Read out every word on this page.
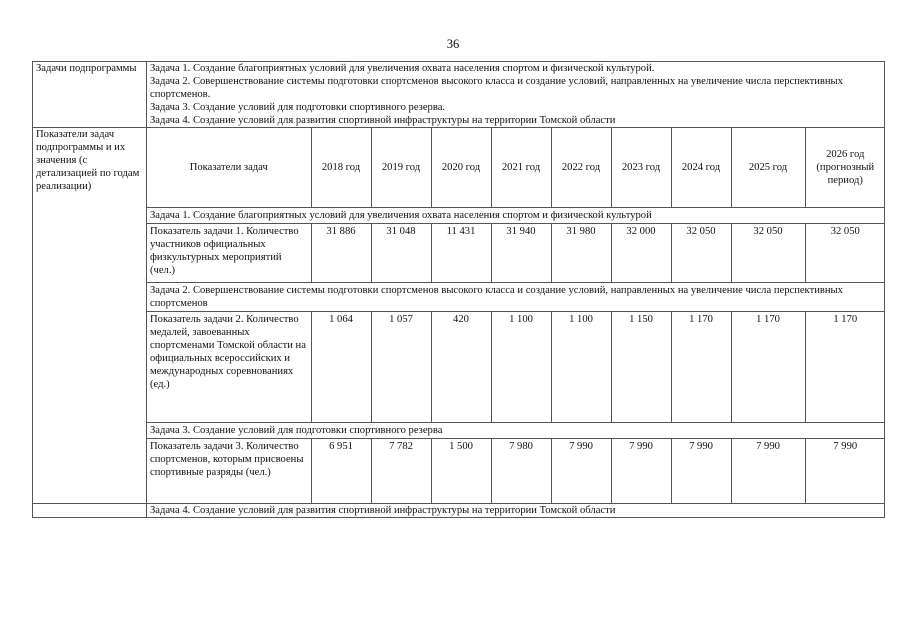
36
Задачи подпрограммы	Задача 1. Создание благоприятных условий для увеличения охвата населения спортом и физической культурой.
Задача 2. Совершенствование системы подготовки спортсменов высокого класса и создание условий, направленных на увеличение числа перспективных спортсменов.
Задача 3. Создание условий для подготовки спортивного резерва.
Задача 4. Создание условий для развития спортивной инфраструктуры на территории Томской области

Показатели задач подпрограммы и их значения (с детализацией по годам реализации)	
Показатели задач	2018 год	2019 год	2020 год	2021 год	2022 год	2023 год	2024 год	2025 год	2026 год (прогнозный период)
Задача 1. Создание благоприятных условий для увеличения охвата населения спортом и физической культурой
Показатель задачи 1. Количество участников официальных физкультурных мероприятий (чел.)	31 886	31 048	11 431	31 940	31 980	32 000	32 050	32 050	32 050
Задача 2. Совершенствование системы подготовки спортсменов высокого класса и создание условий, направленных на увеличение числа перспективных спортсменов
Показатель задачи 2. Количество медалей, завоеванных спортсменами Томской области на официальных всероссийских и международных соревнованиях (ед.)	1 064	1 057	420	1 100	1 100	1 150	1 170	1 170	1 170
Задача 3. Создание условий для подготовки спортивного резерва
Показатель задачи 3. Количество спортсменов, которым присвоены спортивные разряды (чел.)	6 951	7 782	1 500	7 980	7 990	7 990	7 990	7 990	7 990

	Задача 4. Создание условий для развития спортивной инфраструктуры на территории Томской области
